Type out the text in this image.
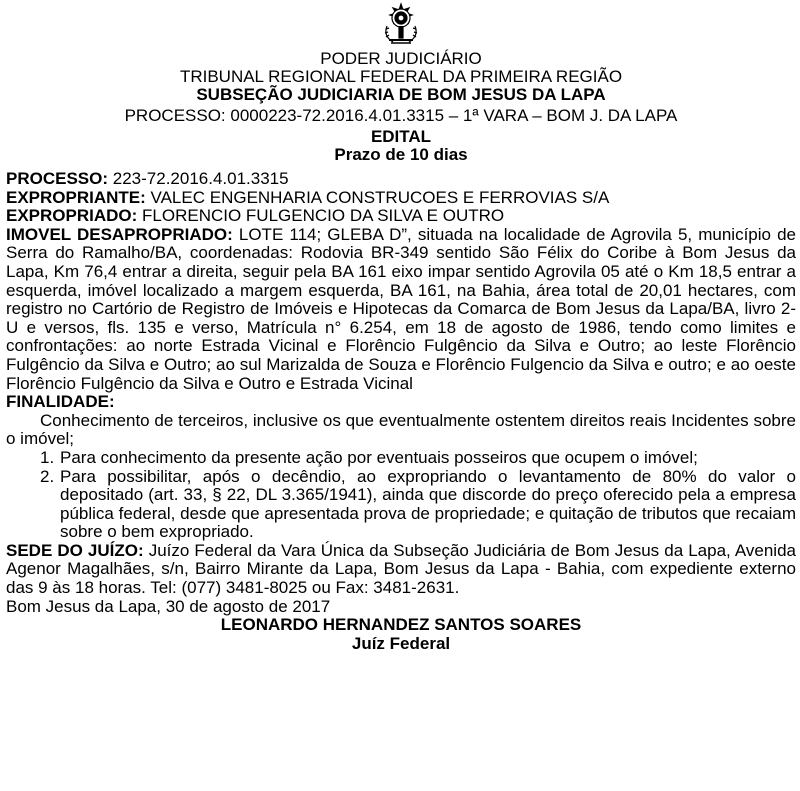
PODER JUDICIÁRIO
TRIBUNAL REGIONAL FEDERAL DA PRIMEIRA REGIÃO
SUBSEÇÃO JUDICIARIA DE BOM JESUS DA LAPA
PROCESSO: 0000223-72.2016.4.01.3315 – 1ª VARA – BOM J. DA LAPA
EDITAL
Prazo de 10 dias
PROCESSO: 223-72.2016.4.01.3315
EXPROPRIANTE: VALEC ENGENHARIA CONSTRUCOES E FERROVIAS S/A
EXPROPRIADO: FLORENCIO FULGENCIO DA SILVA E OUTRO
IMOVEL DESAPROPRIADO: LOTE 114; GLEBA D”, situada na localidade de Agrovila 5, município de Serra do Ramalho/BA, coordenadas: Rodovia BR-349 sentido São Félix do Coribe à Bom Jesus da Lapa, Km 76,4 entrar a direita, seguir pela BA 161 eixo impar sentido Agrovila 05 até o Km 18,5 entrar a esquerda, imóvel localizado a margem esquerda, BA 161, na Bahia, área total de 20,01 hectares, com registro no Cartório de Registro de Imóveis e Hipotecas da Comarca de Bom Jesus da Lapa/BA, livro 2-U e versos, fls. 135 e verso, Matrícula n° 6.254, em 18 de agosto de 1986, tendo como limites e confrontações: ao norte Estrada Vicinal e Florêncio Fulgêncio da Silva e Outro; ao leste Florêncio Fulgêncio da Silva e Outro; ao sul Marizalda de Souza e Florêncio Fulgencio da Silva e outro; e ao oeste Florêncio Fulgêncio da Silva e Outro e Estrada Vicinal
FINALIDADE:
Conhecimento de terceiros, inclusive os que eventualmente ostentem direitos reais Incidentes sobre o imóvel;
1. Para conhecimento da presente ação por eventuais posseiros que ocupem o imóvel;
2. Para possibilitar, após o decêndio, ao expropriando o levantamento de 80% do valor o depositado (art. 33, § 22, DL 3.365/1941), ainda que discorde do preço oferecido pela a empresa pública federal, desde que apresentada prova de propriedade; e quitação de tributos que recaiam sobre o bem expropriado.
SEDE DO JUÍZO: Juízo Federal da Vara Única da Subseção Judiciária de Bom Jesus da Lapa, Avenida Agenor Magalhães, s/n, Bairro Mirante da Lapa, Bom Jesus da Lapa - Bahia, com expediente externo das 9 às 18 horas. Tel: (077) 3481-8025 ou Fax: 3481-2631.
Bom Jesus da Lapa, 30 de agosto de 2017
LEONARDO HERNANDEZ SANTOS SOARES
Juíz Federal
